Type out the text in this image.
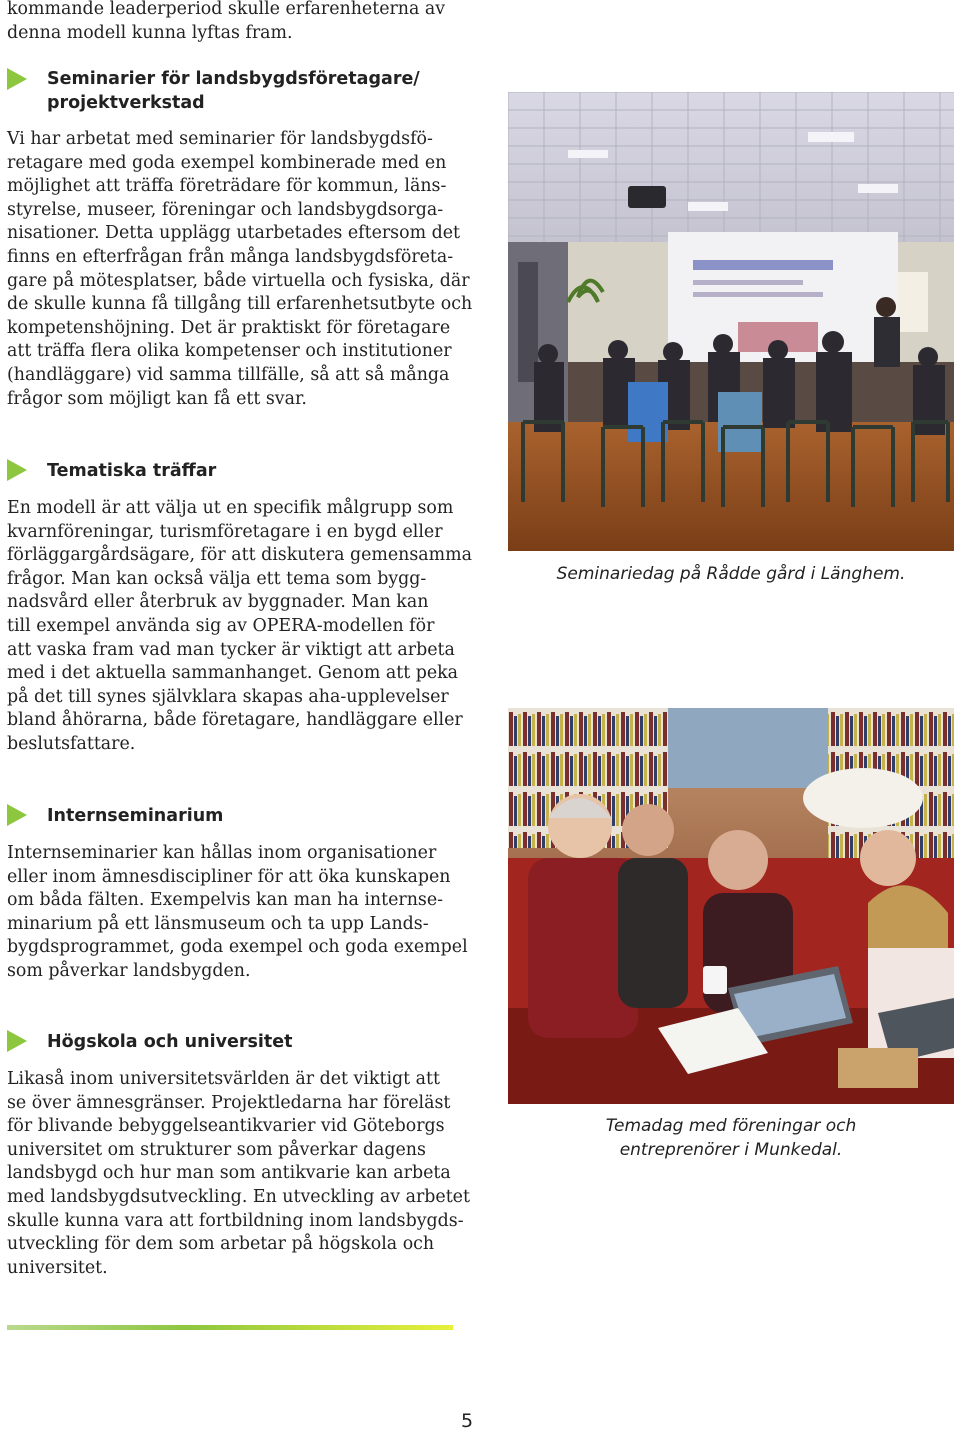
kommande leaderperiod skulle erfarenheterna av
denna modell kunna lyftas fram.

Seminarier för landsbygdsföretagare/
projektverkstad

Vi har arbetat med seminarier för landsbygdsfö-
retagare med goda exempel kombinerade med en
möjlighet att träffa företrädare för kommun, läns-
styrelse, museer, föreningar och landsbygdsorga-
nisationer. Detta upplägg utarbetades eftersom det
finns en efterfrågan från många landsbygdsföreta-
gare på mötesplatser, både virtuella och fysiska, där
de skulle kunna få tillgång till erfarenhetsutbyte och
kompetenshöjning. Det är praktiskt för företagare
att träffa flera olika kompetenser och institutioner
(handläggare) vid samma tillfälle, så att så många
frågor som möjligt kan få ett svar.

Tematiska träffar

En modell är att välja ut en specifik målgrupp som
kvarnföreningar, turismföretagare i en bygd eller
förläggargårdsägare, för att diskutera gemensamma
frågor. Man kan också välja ett tema som bygg-
nadsvård eller återbruk av byggnader. Man kan
till exempel använda sig av OPERA-modellen för
att vaska fram vad man tycker är viktigt att arbeta
med i det aktuella sammanhanget. Genom att peka
på det till synes självklara skapas aha-upplevelser
bland åhörarna, både företagare, handläggare eller
beslutsfattare.

Internseminarium

Internseminarier kan hållas inom organisationer
eller inom ämnesdiscipliner för att öka kunskapen
om båda fälten. Exempelvis kan man ha internse-
minarium på ett länsmuseum och ta upp Lands-
bygdsprogrammet, goda exempel och goda exempel
som påverkar landsbygden.

Högskola och universitet

Likaså inom universitetsvärlden är det viktigt att
se över ämnesgränser. Projektledarna har föreläst
för blivande bebyggelseantikvarier vid Göteborgs
universitet om strukturer som påverkar dagens
landsbygd och hur man som antikvarie kan arbeta
med landsbygdsutveckling. En utveckling av arbetet
skulle kunna vara att fortbildning inom landsbygds-
utveckling för dem som arbetar på högskola och
universitet.

Seminariedag på Rådde gård i Länghem.
Temadag med föreningar och
entreprenörer i Munkedal.
5
